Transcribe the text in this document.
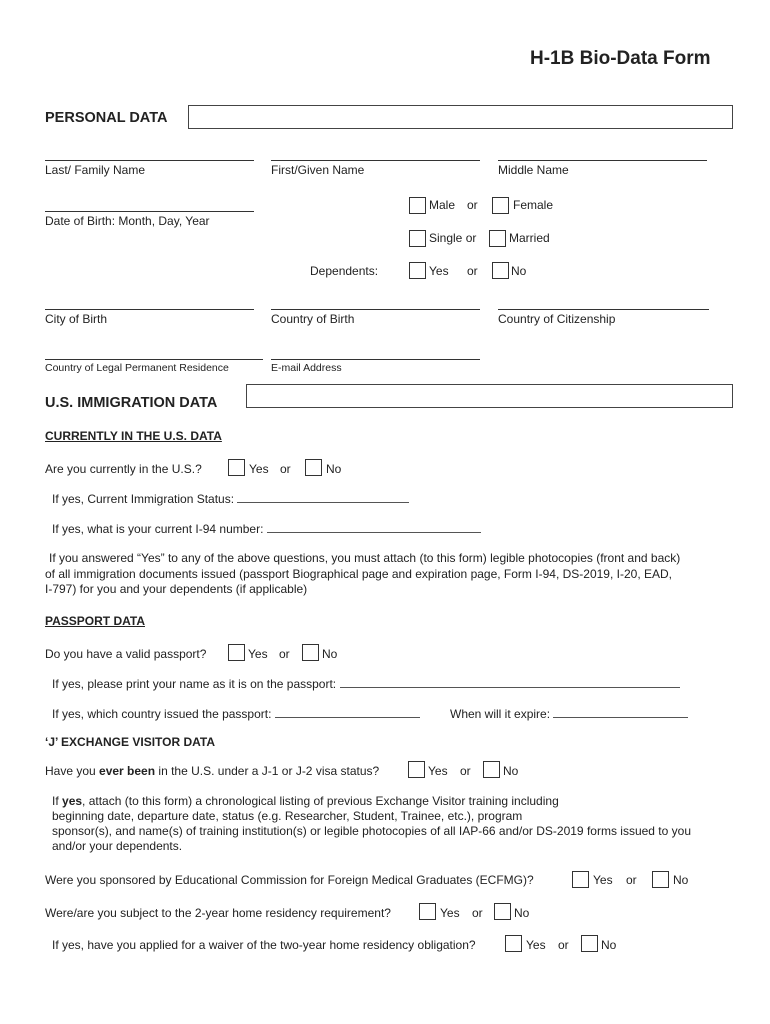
H-1B Bio-Data Form
PERSONAL DATA
Last/ Family Name	First/Given Name	Middle Name
Date of Birth: Month, Day, Year
Male or	Female
Single or	Married
Dependents:	Yes or	No
City of Birth	Country of Birth	Country of Citizenship
Country of Legal Permanent Residence	E-mail Address
U.S. IMMIGRATION DATA
CURRENTLY IN THE U.S. DATA
Are you currently in the U.S.?	Yes or	No
If yes, Current Immigration Status:
If yes, what is your current I-94 number:
If you answered “Yes” to any of the above questions, you must attach (to this form) legible photocopies (front and back)
of all immigration documents issued (passport Biographical page and expiration page, Form I-94, DS-2019, I-20, EAD,
I-797) for you and your dependents (if applicable)
PASSPORT DATA
Do you have a valid passport?	Yes or	No
If yes, please print your name as it is on the passport:
If yes, which country issued the passport:	When will it expire:
‘J’ EXCHANGE VISITOR DATA
Have you ever been in the U.S. under a J-1 or J-2 visa status?	Yes or	No
If yes, attach (to this form) a chronological listing of previous Exchange Visitor training including
beginning date, departure date, status (e.g. Researcher, Student, Trainee, etc.), program
sponsor(s), and name(s) of training institution(s) or legible photocopies of all IAP-66 and/or DS-2019 forms issued to you
and/or your dependents.
Were you sponsored by Educational Commission for Foreign Medical Graduates (ECFMG)?	Yes or	No
Were/are you subject to the 2-year home residency requirement?	Yes or	No
If yes, have you applied for a waiver of the two-year home residency obligation?	Yes or	No
